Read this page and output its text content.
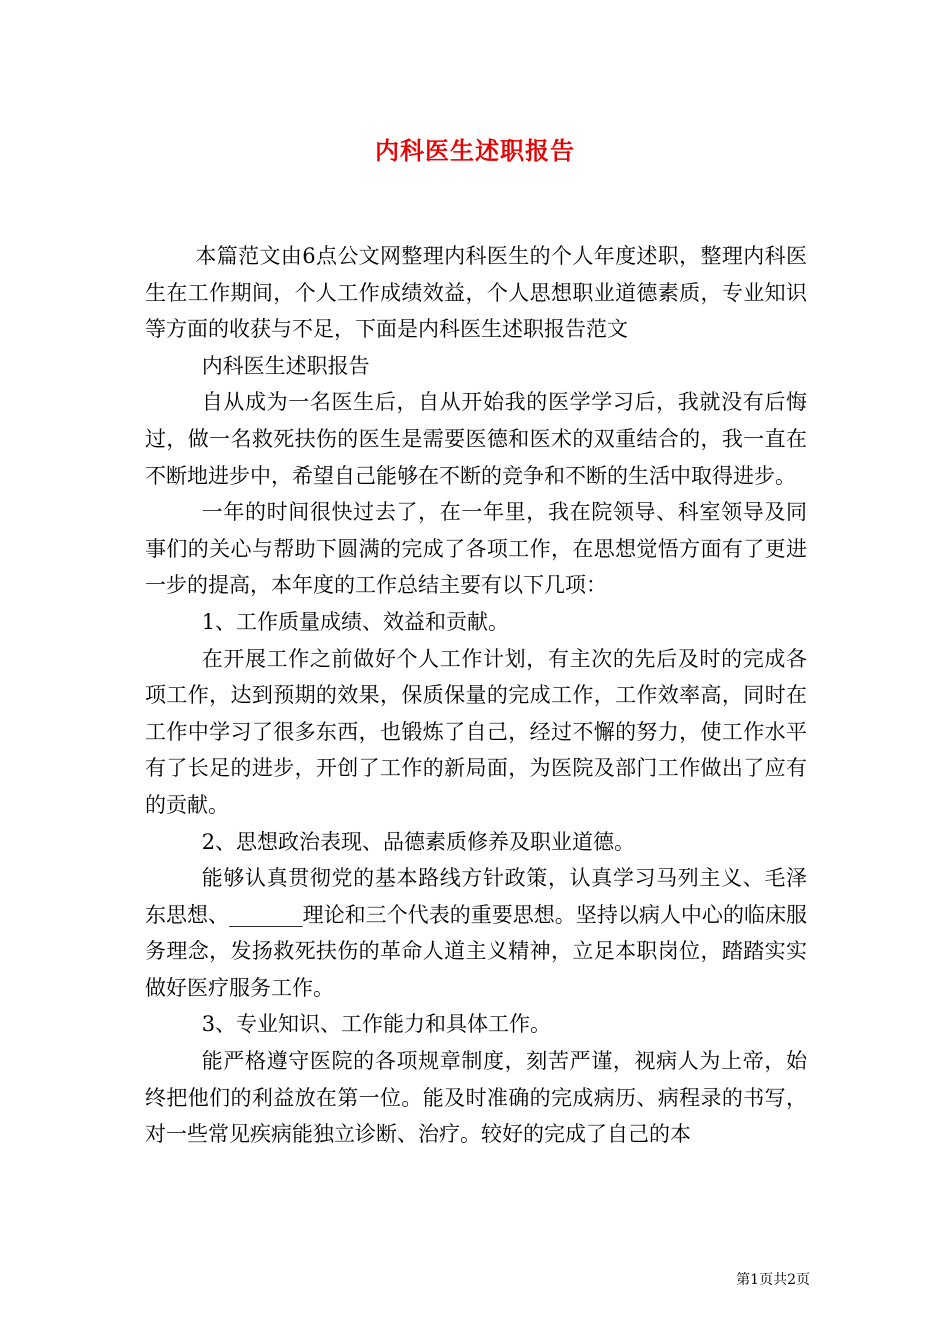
内科医生述职报告

本篇范文由6点公文网整理内科医生的个人年度述职，整理内科医生在工作期间，个人工作成绩效益，个人思想职业道德素质，专业知识等方面的收获与不足，下面是内科医生述职报告范文

内科医生述职报告

自从成为一名医生后，自从开始我的医学学习后，我就没有后悔过，做一名救死扶伤的医生是需要医德和医术的双重结合的，我一直在不断地进步中，希望自己能够在不断的竞争和不断的生活中取得进步。

一年的时间很快过去了，在一年里，我在院领导、科室领导及同事们的关心与帮助下圆满的完成了各项工作，在思想觉悟方面有了更进一步的提高，本年度的工作总结主要有以下几项：

1、工作质量成绩、效益和贡献。

在开展工作之前做好个人工作计划，有主次的先后及时的完成各项工作，达到预期的效果，保质保量的完成工作，工作效率高，同时在工作中学习了很多东西，也锻炼了自己，经过不懈的努力，使工作水平有了长足的进步，开创了工作的新局面，为医院及部门工作做出了应有的贡献。

2、思想政治表现、品德素质修养及职业道德。

能够认真贯彻党的基本路线方针政策，认真学习马列主义、毛泽东思想、_______理论和三个代表的重要思想。坚持以病人中心的临床服务理念，发扬救死扶伤的革命人道主义精神，立足本职岗位，踏踏实实做好医疗服务工作。

3、专业知识、工作能力和具体工作。

能严格遵守医院的各项规章制度，刻苦严谨，视病人为上帝，始终把他们的利益放在第一位。能及时准确的完成病历、病程录的书写，对一些常见疾病能独立诊断、治疗。较好的完成了自己的本

第1页共2页
